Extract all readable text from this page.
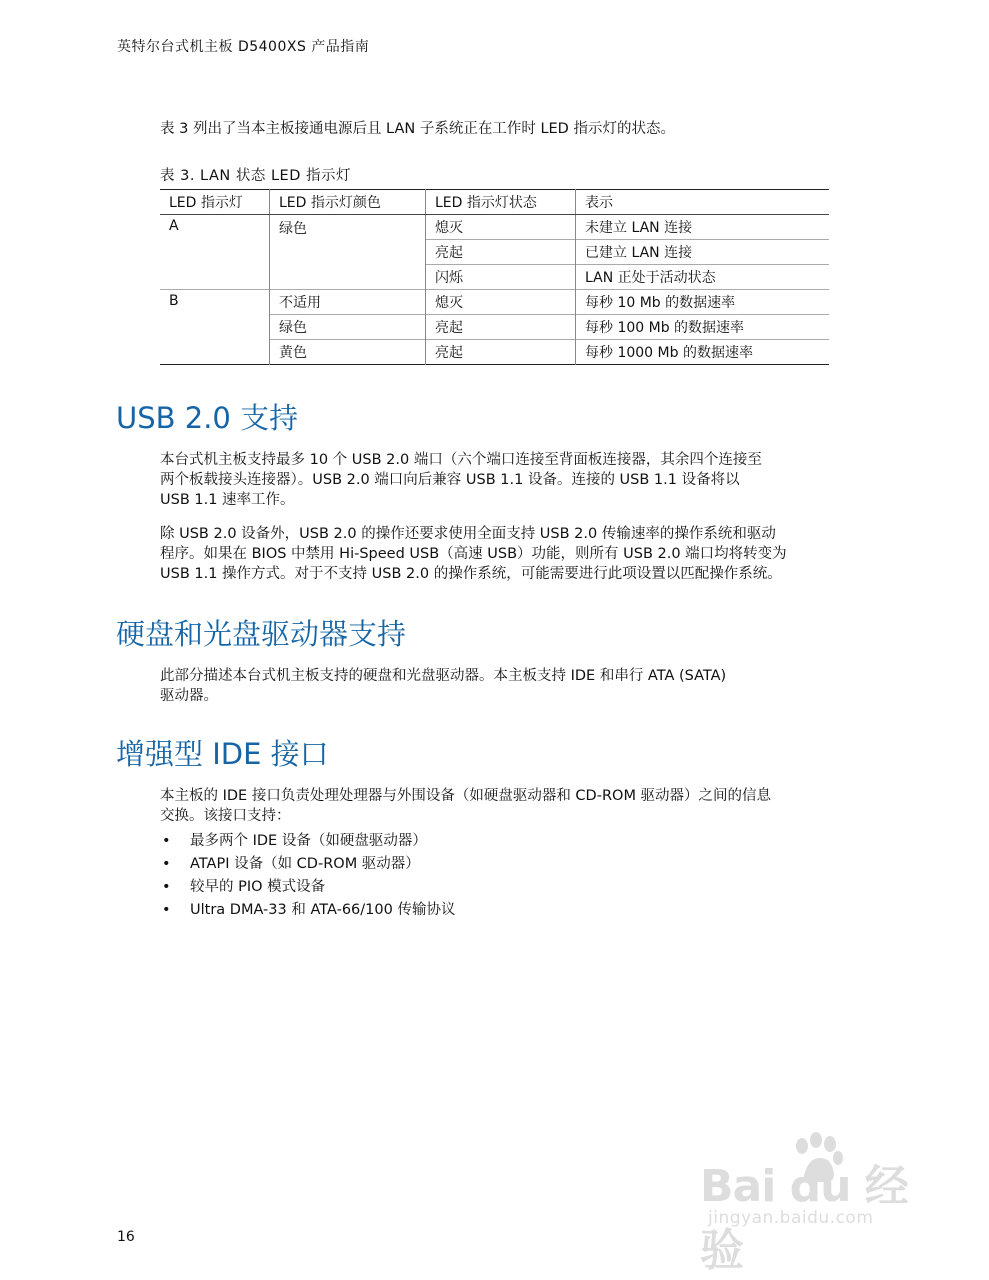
英特尔台式机主板 D5400XS 产品指南
表 3 列出了当本主板接通电源后且 LAN 子系统正在工作时 LED 指示灯的状态。
表 3. LAN 状态 LED 指示灯
LED 指示灯	LED 指示灯颜色	LED 指示灯状态	表示
A	绿色	熄灭	未建立 LAN 连接
		亮起	已建立 LAN 连接
		闪烁	LAN 正处于活动状态
B	不适用	熄灭	每秒 10 Mb 的数据速率
	绿色	亮起	每秒 100 Mb 的数据速率
	黄色	亮起	每秒 1000 Mb 的数据速率
USB 2.0 支持

本台式机主板支持最多 10 个 USB 2.0 端口（六个端口连接至背面板连接器，其余四个连接至
两个板载接头连接器）。USB 2.0 端口向后兼容 USB 1.1 设备。连接的 USB 1.1 设备将以
USB 1.1 速率工作。

除 USB 2.0 设备外，USB 2.0 的操作还要求使用全面支持 USB 2.0 传输速率的操作系统和驱动
程序。如果在 BIOS 中禁用 Hi-Speed USB（高速 USB）功能，则所有 USB 2.0 端口均将转变为
USB 1.1 操作方式。对于不支持 USB 2.0 的操作系统，可能需要进行此项设置以匹配操作系统。

硬盘和光盘驱动器支持

此部分描述本台式机主板支持的硬盘和光盘驱动器。本主板支持 IDE 和串行 ATA (SATA)
驱动器。

增强型 IDE 接口

本主板的 IDE 接口负责处理处理器与外围设备（如硬盘驱动器和 CD-ROM 驱动器）之间的信息
交换。该接口支持：

• 最多两个 IDE 设备（如硬盘驱动器）
• ATAPI 设备（如 CD-ROM 驱动器）
• 较早的 PIO 模式设备
• Ultra DMA-33 和 ATA-66/100 传输协议
Bai du 经验
jingyan.baidu.com
16
